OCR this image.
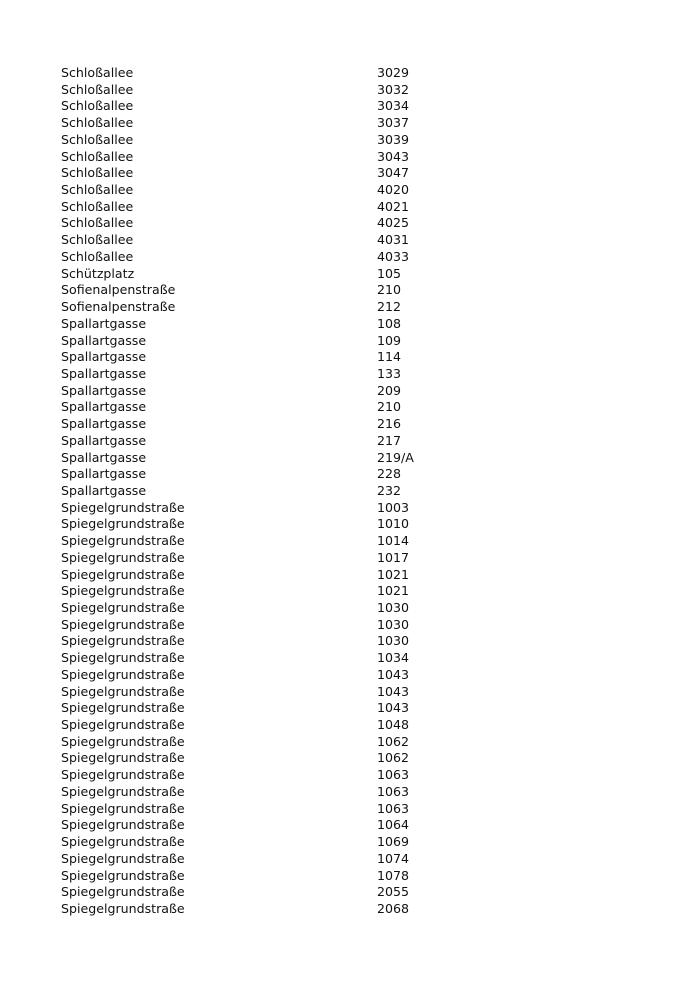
Schloßallee	3029
Schloßallee	3032
Schloßallee	3034
Schloßallee	3037
Schloßallee	3039
Schloßallee	3043
Schloßallee	3047
Schloßallee	4020
Schloßallee	4021
Schloßallee	4025
Schloßallee	4031
Schloßallee	4033
Schützplatz	105
Sofienalpenstraße	210
Sofienalpenstraße	212
Spallartgasse	108
Spallartgasse	109
Spallartgasse	114
Spallartgasse	133
Spallartgasse	209
Spallartgasse	210
Spallartgasse	216
Spallartgasse	217
Spallartgasse	219/A
Spallartgasse	228
Spallartgasse	232
Spiegelgrundstraße	1003
Spiegelgrundstraße	1010
Spiegelgrundstraße	1014
Spiegelgrundstraße	1017
Spiegelgrundstraße	1021
Spiegelgrundstraße	1021
Spiegelgrundstraße	1030
Spiegelgrundstraße	1030
Spiegelgrundstraße	1030
Spiegelgrundstraße	1034
Spiegelgrundstraße	1043
Spiegelgrundstraße	1043
Spiegelgrundstraße	1043
Spiegelgrundstraße	1048
Spiegelgrundstraße	1062
Spiegelgrundstraße	1062
Spiegelgrundstraße	1063
Spiegelgrundstraße	1063
Spiegelgrundstraße	1063
Spiegelgrundstraße	1064
Spiegelgrundstraße	1069
Spiegelgrundstraße	1074
Spiegelgrundstraße	1078
Spiegelgrundstraße	2055
Spiegelgrundstraße	2068
